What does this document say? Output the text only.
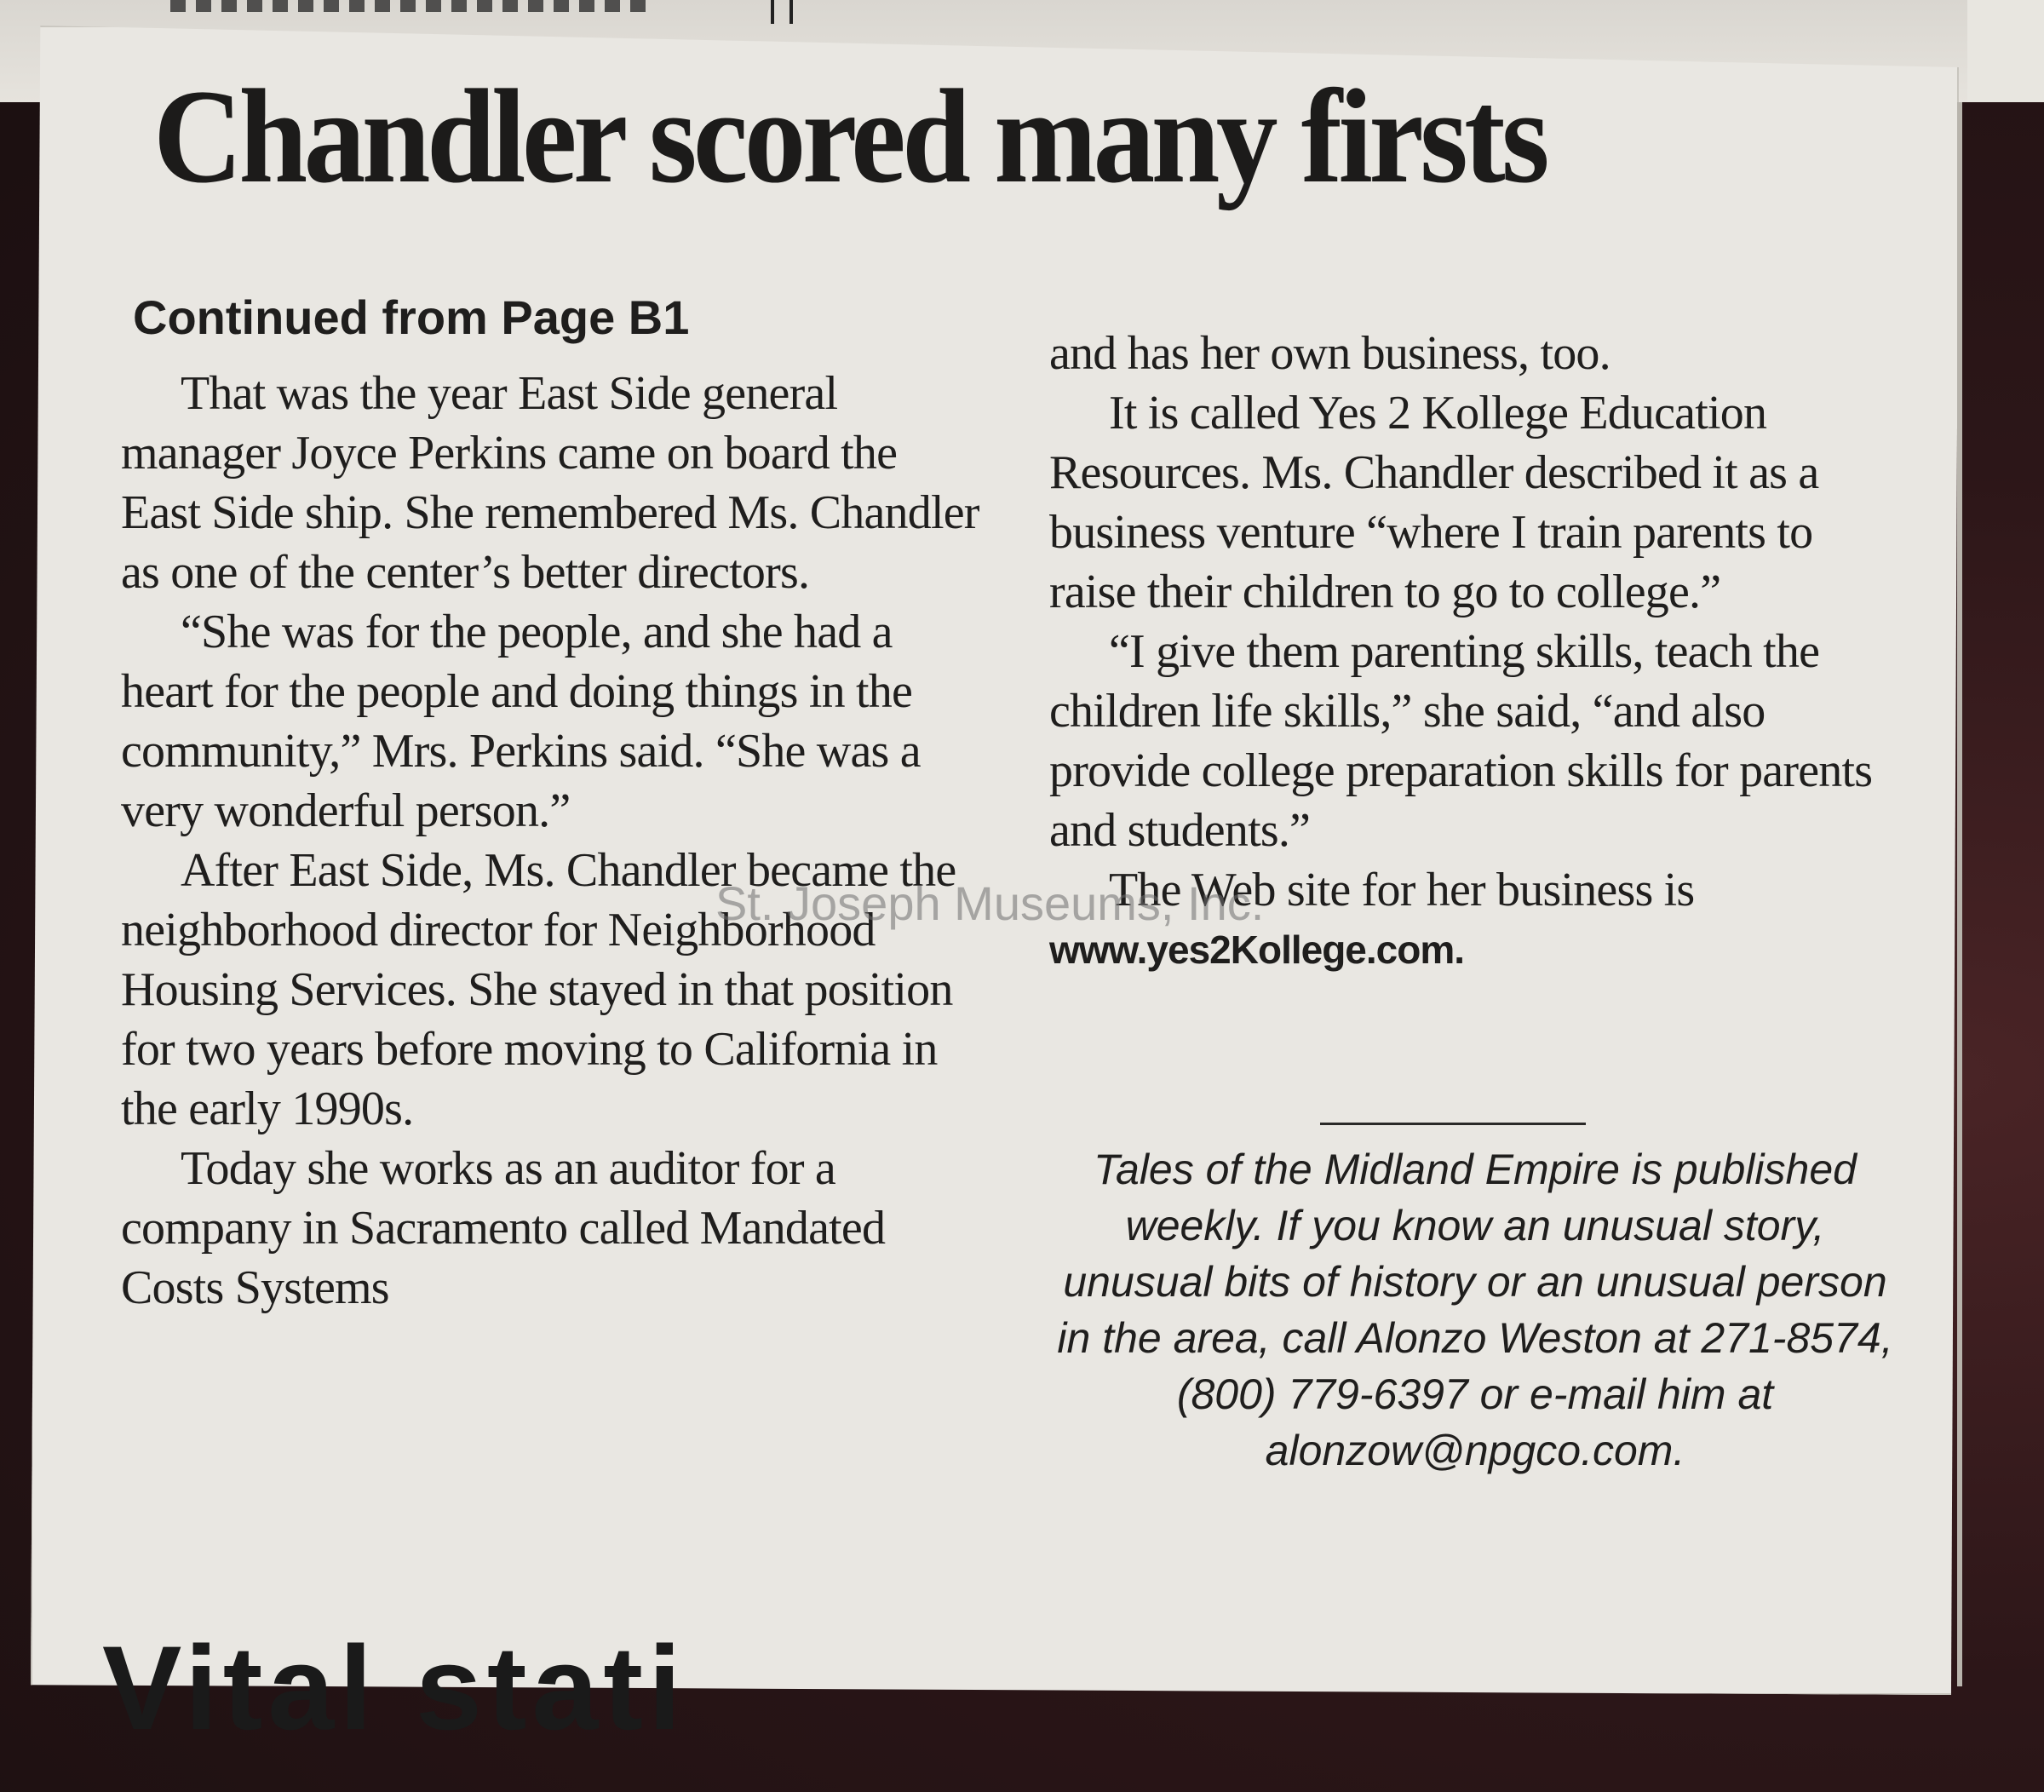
Chandler scored many firsts
Continued from Page B1

That was the year East Side general manager Joyce Perkins came on board the East Side ship. She remembered Ms. Chandler as one of the center’s better directors.

“She was for the people, and she had a heart for the people and doing things in the community,” Mrs. Perkins said. “She was a very wonderful person.”

After East Side, Ms. Chandler became the neighborhood director for Neighborhood Housing Services. She stayed in that position for two years before moving to California in the early 1990s.

Today she works as an auditor for a company in Sacramento called Mandated Costs Systems

and has her own business, too.

It is called Yes 2 Kollege Education Resources. Ms. Chandler described it as a business venture “where I train parents to raise their children to go to college.”

“I give them parenting skills, teach the children life skills,” she said, “and also provide college preparation skills for parents and students.”

The Web site for her business is

www.yes2Kollege.com.
Tales of the Midland Empire is published weekly. If you know an unusual story, unusual bits of history or an unusual person in the area, call Alonzo Weston at 271-8574, (800) 779-6397 or e-mail him at alonzow@npgco.com.
St. Joseph Museums, Inc.
Vital stati
